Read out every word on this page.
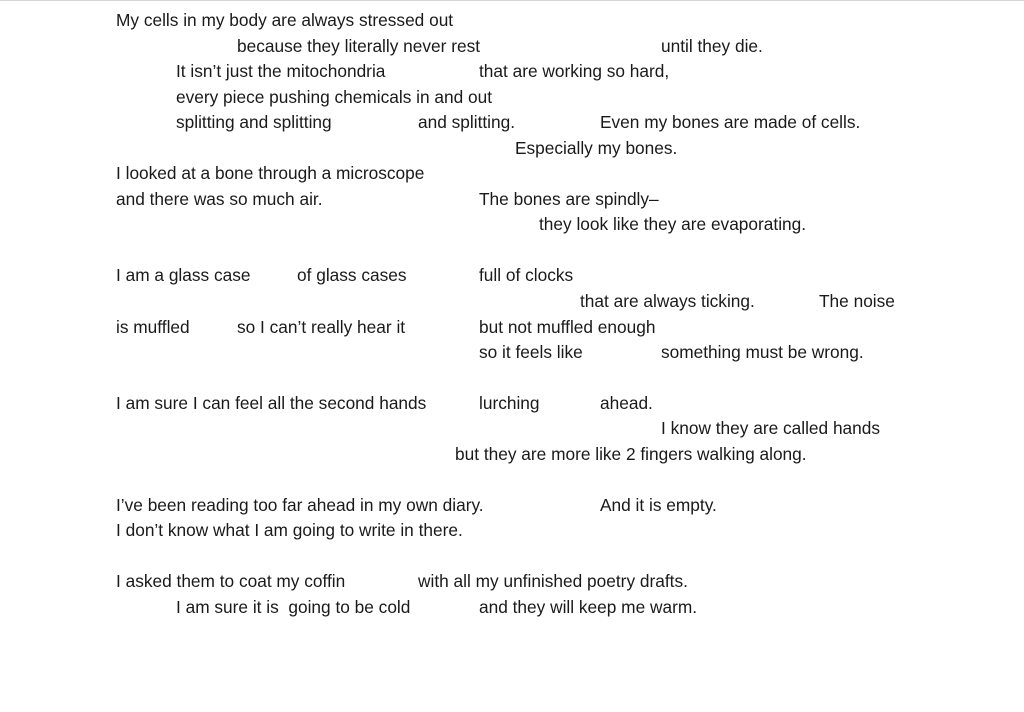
My cells in my body are always stressed out
because they literally never rest	until they die.
It isn’t just the mitochondria	that are working so hard,
every piece pushing chemicals in and out
splitting and splitting	and splitting.	Even my bones are made of cells.
Especially my bones.
I looked at a bone through a microscope
and there was so much air.	The bones are spindly–
they look like they are evaporating.
I am a glass case	of glass cases	full of clocks
that are always ticking.	The noise
is muffled	so I can’t really hear it	but not muffled enough
so it feels like	something must be wrong.
I am sure I can feel all the second hands	lurching	ahead.
I know they are called hands
but they are more like 2 fingers walking along.
I’ve been reading too far ahead in my own diary.	And it is empty.
I don’t know what I am going to write in there.
I asked them to coat my coffin	with all my unfinished poetry drafts.
I am sure it is  going to be cold	and they will keep me warm.
